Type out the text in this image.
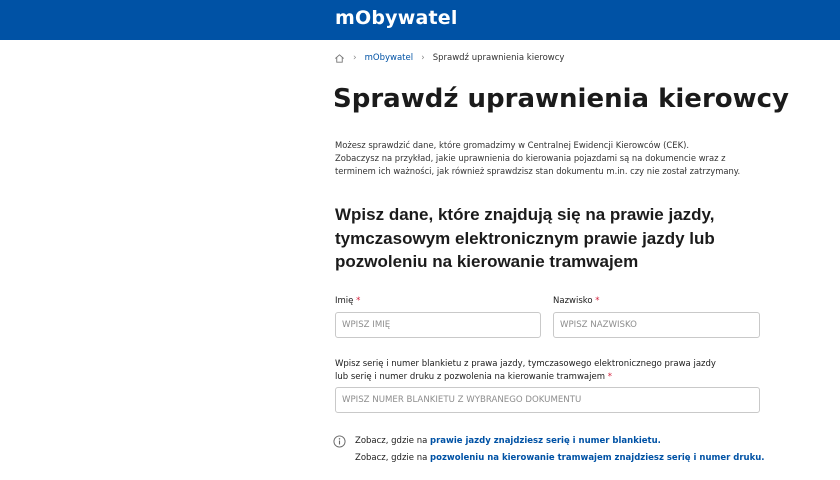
mObywatel
› mObywatel › Sprawdź uprawnienia kierowcy
Sprawdź uprawnienia kierowcy

Możesz sprawdzić dane, które gromadzimy w Centralnej Ewidencji Kierowców (CEK).

Zobaczysz na przykład, jakie uprawnienia do kierowania pojazdami są na dokumencie wraz z

terminem ich ważności, jak również sprawdzisz stan dokumentu m.in. czy nie został zatrzymany.

Wpisz dane, które znajdują się na prawie jazdy,
tymczasowym elektronicznym prawie jazdy lub
pozwoleniu na kierowanie tramwajem
Imię *
WPISZ IMIĘ	Nazwisko *
WPISZ NAZWISKO

Wpisz serię i numer blankietu z prawa jazdy, tymczasowego elektronicznego prawa jazdy

lub serię i numer druku z pozwolenia na kierowanie tramwajem *

WPISZ NUMER BLANKIETU Z WYBRANEGO DOKUMENTU
Zobacz, gdzie na prawie jazdy znajdziesz serię i numer blankietu.
Zobacz, gdzie na pozwoleniu na kierowanie tramwajem znajdziesz serię i numer druku.
